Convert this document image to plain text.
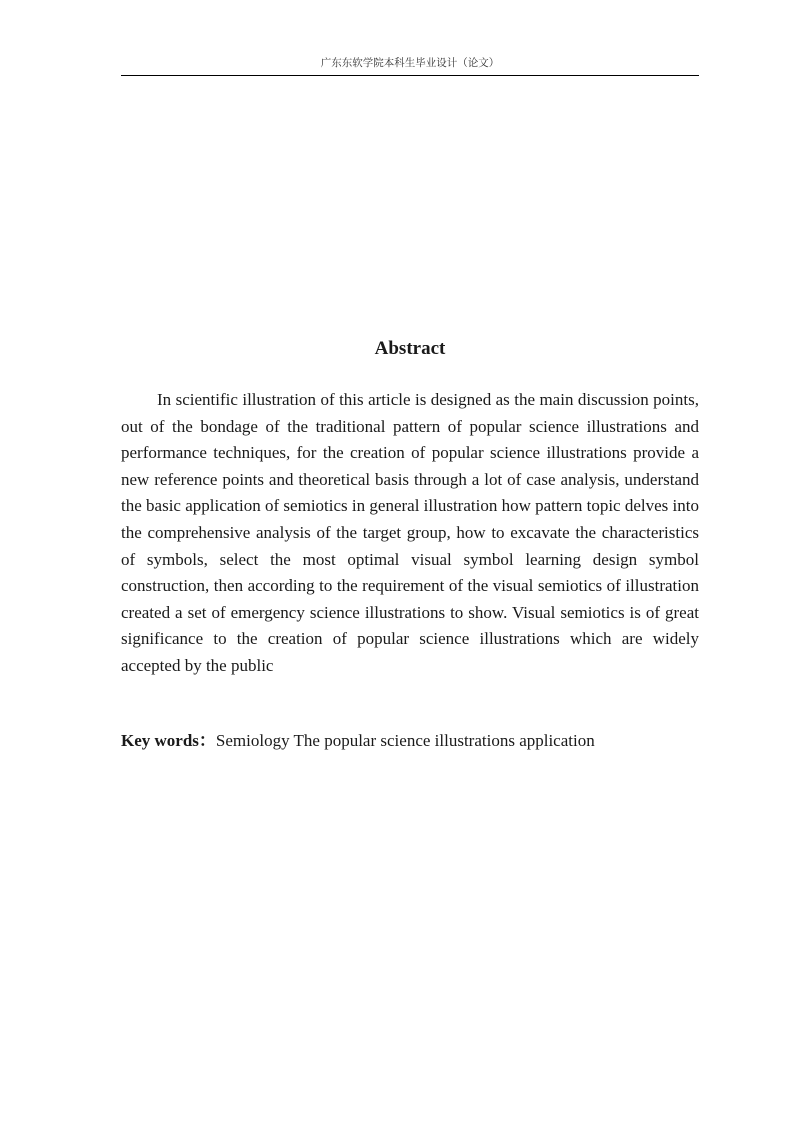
广东东软学院本科生毕业设计（论文）
Abstract

In scientific illustration of this article is designed as the main discussion points, out of the bondage of the traditional pattern of popular science illustrations and performance techniques, for the creation of popular science illustrations provide a new reference points and theoretical basis through a lot of case analysis, understand the basic application of semiotics in general illustration how pattern topic delves into the comprehensive analysis of the target group, how to excavate the characteristics of symbols, select the most optimal visual symbol learning design symbol construction, then according to the requirement of the visual semiotics of illustration created a set of emergency science illustrations to show. Visual semiotics is of great significance to the creation of popular science illustrations which are widely accepted by the public

Key words：Semiology The popular science illustrations application
